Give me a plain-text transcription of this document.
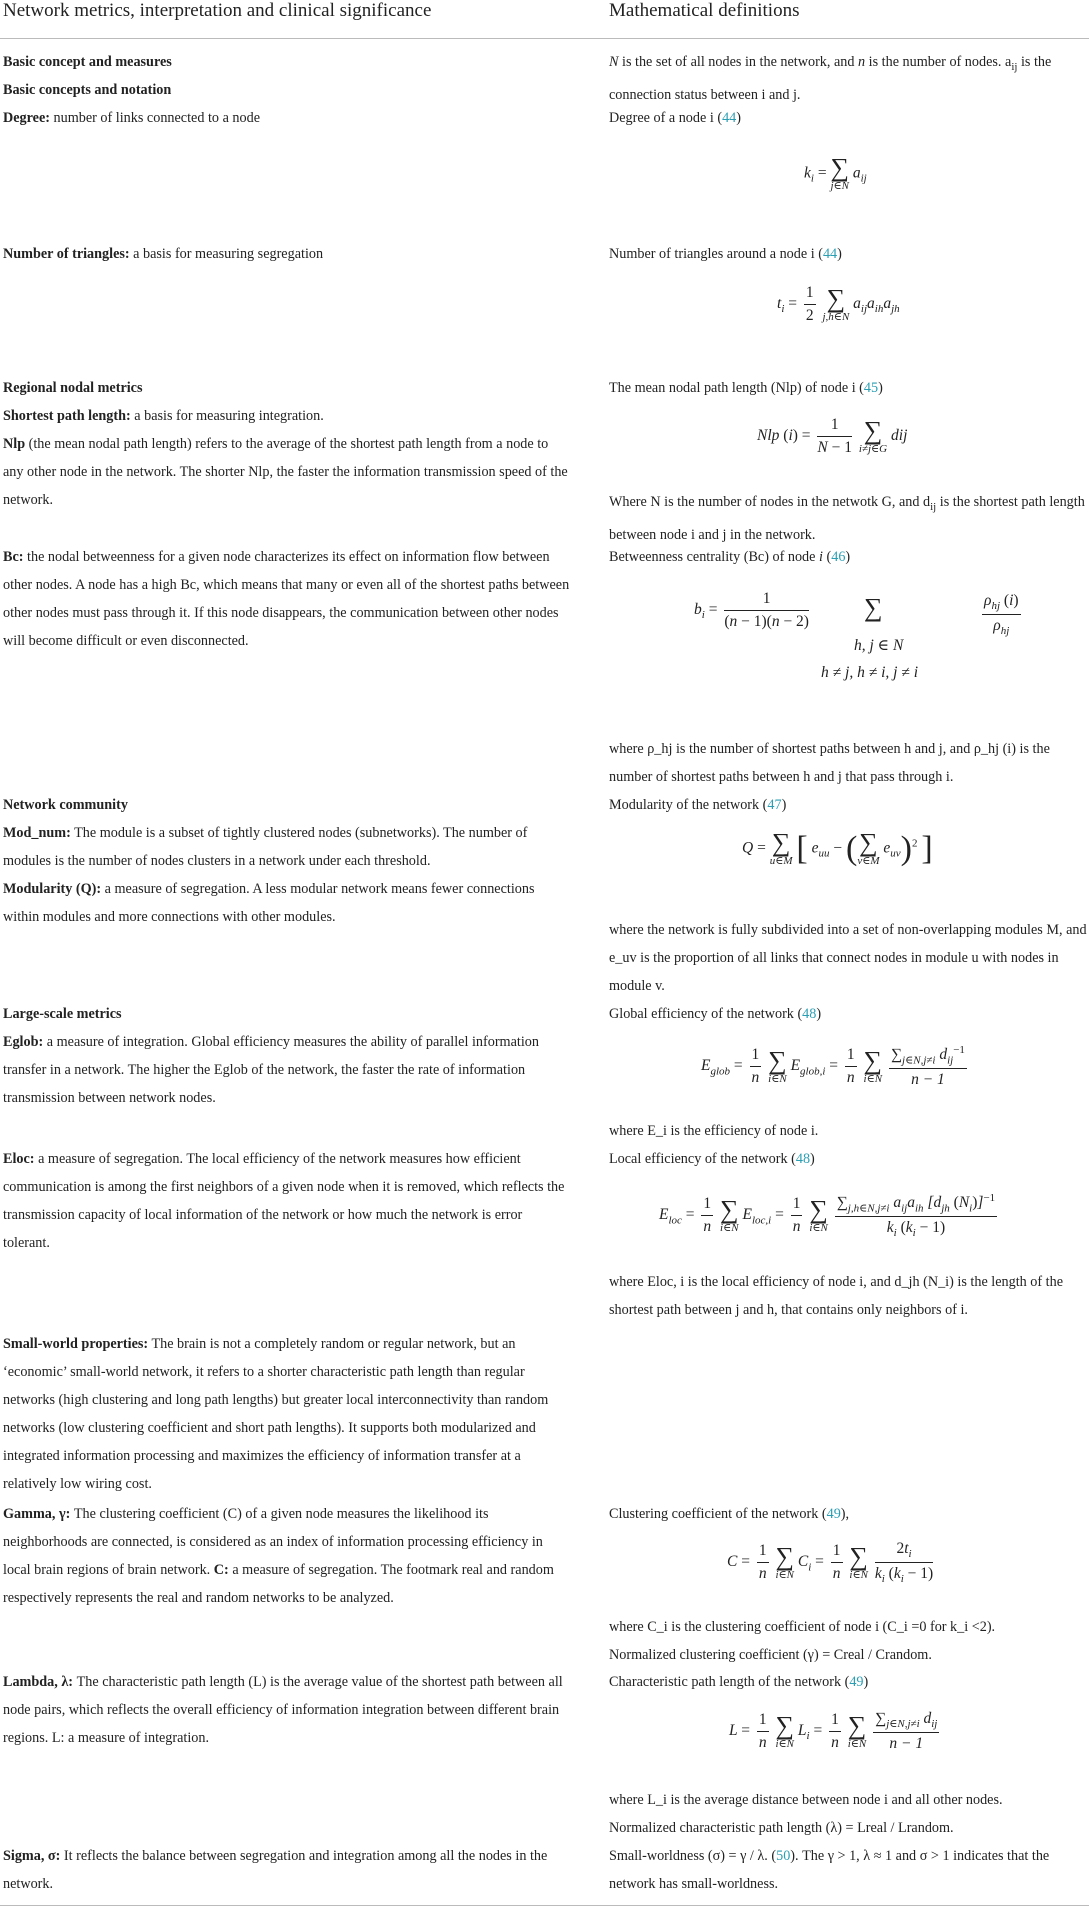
Network metrics, interpretation and clinical significance	Mathematical definitions

Basic concept and measures

Basic concepts and notation

Degree: number of links connected to a node

Number of triangles: a basis for measuring segregation

Regional nodal metrics

Shortest path length: a basis for measuring integration.

Nlp (the mean nodal path length) refers to the average of the shortest path length from a node to any other node in the network. The shorter Nlp, the faster the information transmission speed of the network.

Bc: the nodal betweenness for a given node characterizes its effect on information flow between other nodes. A node has a high Bc, which means that many or even all of the shortest paths between other nodes must pass through it. If this node disappears, the communication between other nodes will become difficult or even disconnected.

Network community

Mod_num: The module is a subset of tightly clustered nodes (subnetworks). The number of modules is the number of nodes clusters in a network under each threshold.

Modularity (Q): a measure of segregation. A less modular network means fewer connections within modules and more connections with other modules.

Large-scale metrics

Eglob: a measure of integration. Global efficiency measures the ability of parallel information transfer in a network. The higher the Eglob of the network, the faster the rate of information transmission between network nodes.

Eloc: a measure of segregation. The local efficiency of the network measures how efficient communication is among the first neighbors of a given node when it is removed, which reflects the transmission capacity of local information of the network or how much the network is error tolerant.

Small-world properties: The brain is not a completely random or regular network, but an ‘economic’ small-world network, it refers to a shorter characteristic path length than regular networks (high clustering and long path lengths) but greater local interconnectivity than random networks (low clustering coefficient and short path lengths). It supports both modularized and integrated information processing and maximizes the efficiency of information transfer at a relatively low wiring cost.

Gamma, γ: The clustering coefficient (C) of a given node measures the likelihood its neighborhoods are connected, is considered as an index of information processing efficiency in local brain regions of brain network. C: a measure of segregation. The footmark real and random respectively represents the real and random networks to be analyzed.

Lambda, λ: The characteristic path length (L) is the average value of the shortest path between all node pairs, which reflects the overall efficiency of information integration between different brain regions. L: a measure of integration.

Sigma, σ: It reflects the balance between segregation and integration among all the nodes in the network.

N is the set of all nodes in the network, and n is the number of nodes. $a_{ij}$ is the connection status between i and j.

Degree of a node i (44)

$k_i$ = ∑
j∈N
$a_{ij}$

Number of triangles around a node i (44)

$t_i = \frac{1}{2}$ ∑
j,h∈N
$a_{ij}a_{ih}a_{jh}$

The mean nodal path length (Nlp) of node i (45)

Nlp $(i) = \frac{1}{N - 1}$ ∑
i≠j∈G
dij

Where N is the number of nodes in the netwotk G, and $d_{ij}$ is the shortest path length between node i and j in the network.

Betweenness centrality (Bc) of node i (46)

$b_i = \frac{1}{(n - 1)(n - 2)}$ ∑
h, j ∈ N
h ≠ j, h ≠ i, j ≠ i
$\frac{\rho_{hj} (i)}{\rho_{hj}}$

where ρ_hj is the number of shortest paths between h and j, and ρ_hj (i) is the number of shortest paths between h and j that pass through i.

Modularity of the network (47)

Q = ∑
u∈M [ $e_{uu}$ − (∑
v∈M
$e_{uv})^2$ ]

where the network is fully subdivided into a set of non-overlapping modules M, and e_uv is the proportion of all links that connect nodes in module u with nodes in module v.

Global efficiency of the network (48)

$E_{glob} = \frac{1}{n}$ ∑
i∈N
$E_{glob,i} = \frac{1}{n}$ ∑
i∈N
$\frac{\sum_{j\in N,j\ne i} d_{ij}^{-1}}{n - 1}$

where E_i is the efficiency of node i.

Local efficiency of the network (48)

$E_{loc} = \frac{1}{n}$ ∑
i∈N
$E_{loc,i} = \frac{1}{n}$ ∑
i∈N
$\frac{\sum_{j,h\in N,j\ne i} a_{ij}a_{ih} [d_{jh} (N_i)]^{-1}}{k_i (k_i - 1)}$

where Eloc, i is the local efficiency of node i, and d_jh (N_i) is the length of the shortest path between j and h, that contains only neighbors of i.

Clustering coefficient of the network (49),

$C = \frac{1}{n}$ ∑
i∈N
$C_i = \frac{1}{n}$ ∑
i∈N
$\frac{2t_i}{k_i (k_i - 1)}$

where C_i is the clustering coefficient of node i (C_i =0 for k_i <2).

Normalized clustering coefficient (γ) = Creal / Crandom.

Characteristic path length of the network (49)

$L = \frac{1}{n}$ ∑
i∈N
$L_i = \frac{1}{n}$ ∑
i∈N
$\frac{\sum_{j\in N,j\ne i} d_{ij}}{n - 1}$

where L_i is the average distance between node i and all other nodes.

Normalized characteristic path length (λ) = Lreal / Lrandom.

Small-worldness (σ) = γ / λ. (50). The γ > 1, λ ≈ 1 and σ > 1 indicates that the network has small-worldness.
